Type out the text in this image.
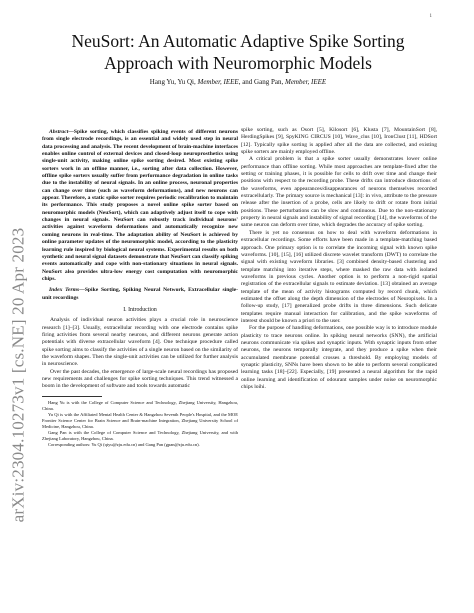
1
arXiv:2304.10273v1 [cs.NE] 20 Apr 2023
NeuSort: An Automatic Adaptive Spike Sorting Approach with Neuromorphic Models
Hang Yu, Yu Qi, Member, IEEE, and Gang Pan, Member, IEEE

Abstract—Spike sorting, which classifies spiking events of different neurons from single electrode recordings, is an essential and widely used step in neural data processing and analysis. The recent development of brain-machine interfaces enables online control of external devices and closed-loop neuroprosthetics using single-unit activity, making online spike sorting desired. Most existing spike sorters work in an offline manner, i.e., sorting after data collection. However, offline spike sorters usually suffer from performance degradation in online tasks due to the instability of neural signals. In an online process, neuronal properties can change over time (such as waveform deformations), and new neurons can appear. Therefore, a static spike sorter requires periodic recalibration to maintain its performance. This study proposes a novel online spike sorter based on neuromorphic models (NeuSort), which can adaptively adjust itself to cope with changes in neural signals. NeuSort can robustly track individual neurons' activities against waveform deformations and automatically recognize new coming neurons in real-time. The adaptation ability of NeuSort is achieved by online parameter updates of the neuromorphic model, according to the plasticity learning rule inspired by biological neural systems. Experimental results on both synthetic and neural signal datasets demonstrate that NeuSort can classify spiking events automatically and cope with non-stationary situations in neural signals. NeuSort also provides ultra-low energy cost computation with neuromorphic chips.

Index Terms—Spike Sorting, Spiking Neural Network, Extracellular single-unit recordings

I. Introduction

Analysis of individual neuron activities plays a crucial role in neuroscience research [1]–[3]. Usually, extracellular recording with one electrode contains spike firing activities from several nearby neurons, and different neurons generate action potentials with diverse extracellular waveform [4]. One technique procedure called spike sorting aims to classify the activities of a single neuron based on the similarity of the waveform shapes. Then the single-unit activities can be utilized for further analysis in neuroscience.

Over the past decades, the emergence of large-scale neural recordings has proposed new requirements and challenges for spike sorting techniques. This trend witnessed a boom in the development of software and tools towards automatic

Hang Yu is with the College of Computer Science and Technology, Zhejiang University, Hangzhou, China.

Yu Qi is with the Affiliated Mental Health Center & Hangzhou Seventh People's Hospital, and the MOE Frontier Science Center for Brain Science and Brain-machine Integration, Zhejiang University School of Medicine, Hangzhou, China.

Gang Pan is with the College of Computer Science and Technology, Zhejiang University, and with Zhejiang Laboratory, Hangzhou, China.

Corresponding authors: Yu Qi (qiyu@zju.edu.cn) and Gang Pan (gpan@zju.edu.cn).

spike sorting, such as Osort [5], Kilosort [6], Klusta [7], MountainSort [8], HerdingSpikes [9], SpyKING CIRCUS [10], Wave_clus [10], IronClust [11], HDSort [12]. Typically spike sorting is applied after all the data are collected, and existing spike sorters are mainly employed offline.

A critical problem is that a spike sorter usually demonstrates lower online performance than offline sorting. While most approaches are template-fixed after the setting or training phases, it is possible for cells to drift over time and change their positions with respect to the recording probe. These drifts can introduce distortions of the waveforms, even appearances/disappearances of neurons themselves recorded extracellularly. The primary source is mechanical [13]: in vivo, attribute to the pressure release after the insertion of a probe, cells are likely to drift or rotate from initial positions. These perturbations can be slow and continuous. Due to the non-stationary property in neural signals and instability of signal recording [14], the waveforms of the same neuron can deform over time, which degrades the accuracy of spike sorting.

There is yet no consensus on how to deal with waveform deformations in extracellular recordings. Some efforts have been made in a template-matching based approach. One primary option is to correlate the incoming signal with known spike waveforms. [10], [15], [16] utilized discrete wavelet transform (DWT) to correlate the signal with existing waveform libraries. [3] combined density-based clustering and template matching into iterative steps, where masked the raw data with isolated waveforms in previous cycles. Another option is to perform a non-rigid spatial registration of the extracellular signals to estimate deviation. [13] obtained an average template of the mean of activity histograms computed by record chunk, which estimated the offset along the depth dimension of the electrodes of Neuropixels. In a follow-up study, [17] generalized probe drifts in three dimensions. Such delicate templates require manual interaction for calibration, and the spike waveforms of interest should be known a priori to the user.

For the purpose of handling deformations, one possible way is to introduce module plasticity to trace neurons online. In spiking neural networks (SNN), the artificial neurons communicate via spikes and synaptic inputs. With synaptic inputs from other neurons, the neurons temporally integrate, and they produce a spike when their accumulated membrane potential crosses a threshold. By employing models of synaptic plasticity, SNNs have been shown to be able to perform several complicated learning tasks [18]–[22]. Especially, [19] presented a neural algorithm for the rapid online learning and identification of odourant samples under noise on neuromorphic chips loihi.
